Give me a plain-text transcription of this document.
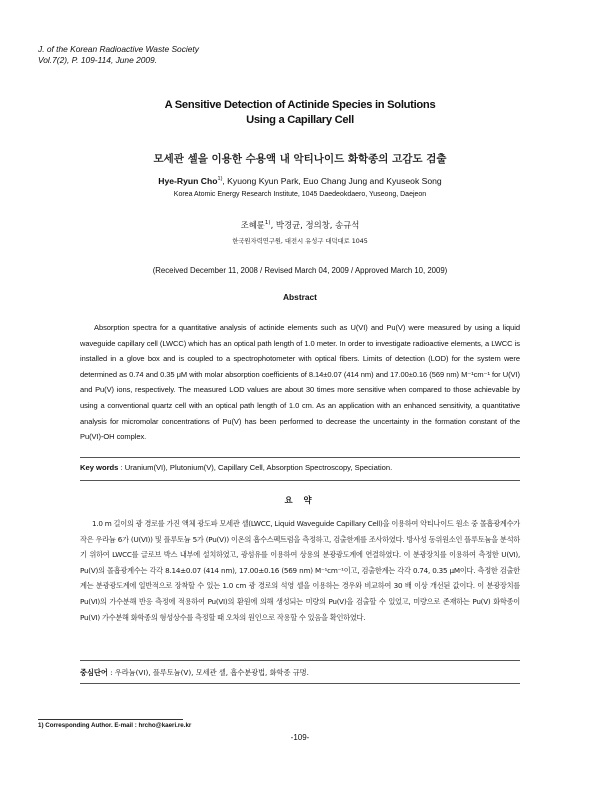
J. of the Korean Radioactive Waste Society
Vol.7(2), P. 109-114, June 2009.
A Sensitive Detection of Actinide Species in Solutions
Using a Capillary Cell
모세관 셀을 이용한 수용액 내 악티나이드 화학종의 고감도 검출
Hye-Ryun Cho$^{1)}$, Kyuong Kyun Park, Euo Chang Jung and Kyuseok Song
Korea Atomic Energy Research Institute, 1045 Daedeokdaero, Yuseong, Daejeon
조혜륜$^{1)}$, 박경균, 정의창, 송규석
한국원자력연구원, 대전시 유성구 대덕대로 1045
(Received December 11, 2008 / Revised March 04, 2009 / Approved March 10, 2009)
Abstract
Absorption spectra for a quantitative analysis of actinide elements such as U(VI) and Pu(V) were measured by using a liquid waveguide capillary cell (LWCC) which has an optical path length of 1.0 meter. In order to investigate radioactive elements, a LWCC is installed in a glove box and is coupled to a spectrophotometer with optical fibers. Limits of detection (LOD) for the system were determined as 0.74 and 0.35 μM with molar absorption coefficients of 8.14±0.07 (414 nm) and 17.00±0.16 (569 nm) M⁻¹cm⁻¹ for U(VI) and Pu(V) ions, respectively. The measured LOD values are about 30 times more sensitive when compared to those achievable by using a conventional quartz cell with an optical path length of 1.0 cm. As an application with an enhanced sensitivity, a quantitative analysis for micromolar concentrations of Pu(V) has been performed to decrease the uncertainty in the formation constant of the Pu(VI)-OH complex.
Key words : Uranium(VI), Plutonium(V), Capillary Cell, Absorption Spectroscopy, Speciation.
요 약
1.0 m 길이의 광 경로를 가진 액체 광도파 모세관 셀(LWCC, Liquid Waveguide Capillary Cell)을 이용하여 악티나이드 원소 중 몰흡광계수가 작은 우라늄 6가 (U(VI)) 및 플루토늄 5가 (Pu(V)) 이온의 흡수스펙트럼을 측정하고, 검출한계를 조사하였다. 방사성 동위원소인 플루토늄을 분석하기 위하여 LWCC를 글로브 박스 내부에 설치하였고, 광섬유를 이용하여 상용의 분광광도계에 연결하였다. 이 분광장치를 이용하여 측정한 U(VI), Pu(V)의 몰흡광계수는 각각 8.14±0.07 (414 nm), 17.00±0.16 (569 nm) M⁻¹cm⁻¹이고, 검출한계는 각각 0.74, 0.35 μM이다. 측정한 검출한계는 분광광도계에 일반적으로 장착할 수 있는 1.0 cm 광 경로의 석영 셀을 이용하는 경우와 비교하여 30 배 이상 개선된 값이다. 이 분광장치를 Pu(VI)의 가수분해 반응 측정에 적용하여 Pu(VI)의 환원에 의해 생성되는 미량의 Pu(V)을 검출할 수 있었고, 미량으로 존재하는 Pu(V) 화학종이 Pu(VI) 가수분해 화학종의 형성상수를 측정할 때 오차의 원인으로 작용할 수 있음을 확인하였다.
중심단어 : 우라늄(VI), 플루토늄(V), 모세관 셀, 흡수분광법, 화학종 규명.
1) Corresponding Author. E-mail : hrcho@kaeri.re.kr
-109-
